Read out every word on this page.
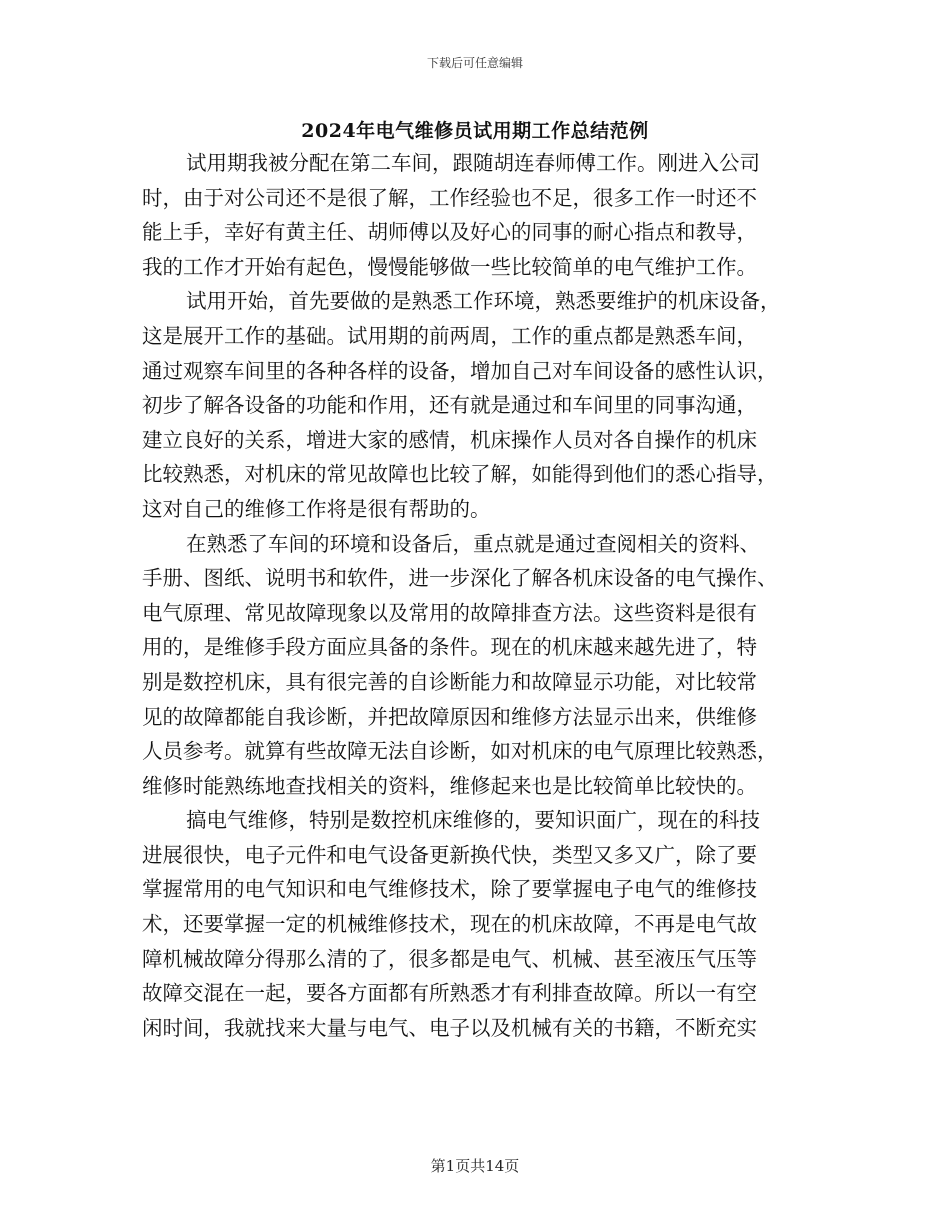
下载后可任意编辑
2024年电气维修员试用期工作总结范例
试用期我被分配在第二车间，跟随胡连春师傅工作。刚进入公司
时，由于对公司还不是很了解，工作经验也不足，很多工作一时还不
能上手，幸好有黄主任、胡师傅以及好心的同事的耐心指点和教导，
我的工作才开始有起色，慢慢能够做一些比较简单的电气维护工作。
试用开始，首先要做的是熟悉工作环境，熟悉要维护的机床设备，
这是展开工作的基础。试用期的前两周，工作的重点都是熟悉车间，
通过观察车间里的各种各样的设备，增加自己对车间设备的感性认识，
初步了解各设备的功能和作用，还有就是通过和车间里的同事沟通，
建立良好的关系，增进大家的感情，机床操作人员对各自操作的机床
比较熟悉，对机床的常见故障也比较了解，如能得到他们的悉心指导，
这对自己的维修工作将是很有帮助的。
在熟悉了车间的环境和设备后，重点就是通过查阅相关的资料、
手册、图纸、说明书和软件，进一步深化了解各机床设备的电气操作、
电气原理、常见故障现象以及常用的故障排查方法。这些资料是很有
用的，是维修手段方面应具备的条件。现在的机床越来越先进了，特
别是数控机床，具有很完善的自诊断能力和故障显示功能，对比较常
见的故障都能自我诊断，并把故障原因和维修方法显示出来，供维修
人员参考。就算有些故障无法自诊断，如对机床的电气原理比较熟悉，
维修时能熟练地查找相关的资料，维修起来也是比较简单比较快的。
搞电气维修，特别是数控机床维修的，要知识面广，现在的科技
进展很快，电子元件和电气设备更新换代快，类型又多又广，除了要
掌握常用的电气知识和电气维修技术，除了要掌握电子电气的维修技
术，还要掌握一定的机械维修技术，现在的机床故障，不再是电气故
障机械故障分得那么清的了，很多都是电气、机械、甚至液压气压等
故障交混在一起，要各方面都有所熟悉才有利排查故障。所以一有空
闲时间，我就找来大量与电气、电子以及机械有关的书籍，不断充实
第1页共14页
